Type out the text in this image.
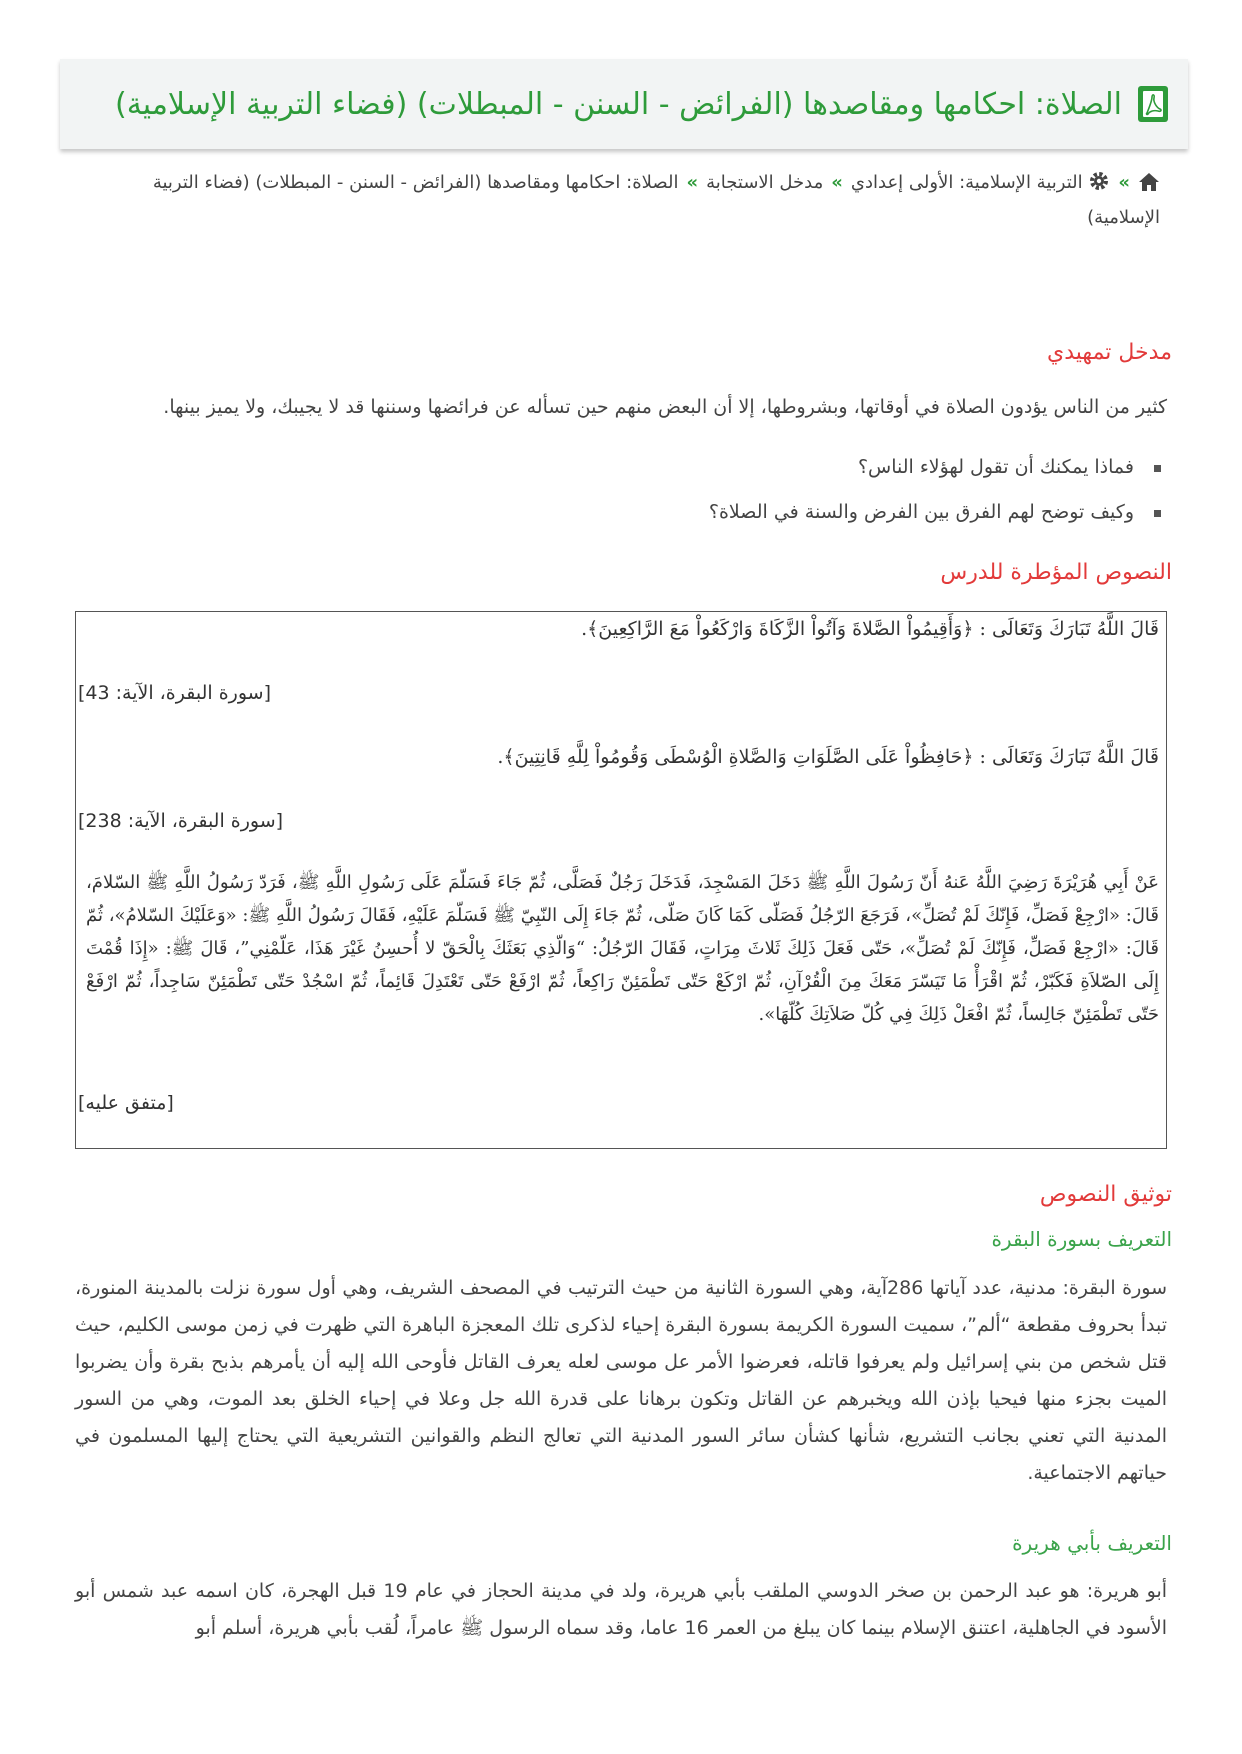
الصلاة: احكامها ومقاصدها (الفرائض - السنن - المبطلات) (فضاء التربية الإسلامية)
» التربية الإسلامية: الأولى إعدادي»مدخل الاستجابة»الصلاة: احكامها ومقاصدها (الفرائض - السنن - المبطلات) (فضاء التربية الإسلامية)
مدخل تمهيدي
كثير من الناس يؤدون الصلاة في أوقاتها، وبشروطها، إلا أن البعض منهم حين تسأله عن فرائضها وسننها قد لا يجيبك، ولا يميز بينها.
فماذا يمكنك أن تقول لهؤلاء الناس؟
وكيف توضح لهم الفرق بين الفرض والسنة في الصلاة؟
النصوص المؤطرة للدرس
قَالَ اللَّهُ تَبَارَكَ وَتَعَالَى : ﴿وَأَقِيمُواْ الصَّلاةَ وَآتُواْ الزَّكَاةَ وَارْكَعُواْ مَعَ الرَّاكِعِينَ﴾.
[سورة البقرة، الآية: 43]
قَالَ اللَّهُ تَبَارَكَ وَتَعَالَى : ﴿حَافِظُواْ عَلَى الصَّلَوَاتِ وَالصَّلاةِ الْوُسْطَى وَقُومُواْ لِلَّهِ قَانِتِينَ﴾.
[سورة البقرة، الآية: 238]
عَنْ أَبِي هُرَيْرَةَ رَضِيَ اللَّهُ عَنهُ أَنّ رَسُولَ اللَّهِ ﷺ دَخَلَ المَسْجِدَ، فَدَخَلَ رَجُلٌ فَصَلَّى، ثُمّ جَاءَ فَسَلّمَ عَلَى رَسُولِ اللَّهِ ﷺ، فَرَدّ رَسُولُ اللَّهِ ﷺ السّلامَ، قَالَ: «ارْجِعْ فَصَلِّ، فَإِنّكَ لَمْ تُصَلِّ»، فَرَجَعَ الرّجُلُ فَصَلّى كَمَا كَانَ صَلّى، ثُمّ جَاءَ إِلَى النّبِيّ ﷺ فَسَلّمَ عَلَيْهِ، فَقَالَ رَسُولُ اللَّهِ ﷺ: «وَعَلَيْكَ السّلامُ»، ثُمّ قَالَ: «ارْجِعْ فَصَلِّ، فَإِنّكَ لَمْ تُصَلِّ»، حَتّى فَعَلَ ذَلِكَ ثَلاثَ مِرَاتٍ، فَقَالَ الرّجُلُ: “وَالّذِي بَعَثَكَ بِالْحَقّ لا أُحسِنُ غَيْرَ هَذَا، عَلّمْنِي”، قَالَ ﷺ: «إِذَا قُمْتَ إِلَى الصّلاَةِ فَكَبّرْ، ثُمّ اقْرَأْ مَا تَيَسّرَ مَعَكَ مِنَ الْقُرْآنِ، ثُمّ ارْكَعْ حَتّى تَطْمَئِنّ رَاكِعاً، ثُمّ ارْفَعْ حَتّى تَعْتَدِلَ قَائِماً، ثُمّ اسْجُدْ حَتّى تَطْمَئِنّ سَاجِداً، ثُمّ ارْفَعْ حَتّى تَطْمَئِنّ جَالِساً، ثُمّ افْعَلْ ذَلِكَ فِي كُلّ صَلاَتِكَ كُلّهَا».
[متفق عليه]
توثيق النصوص
التعريف بسورة البقرة
سورة البقرة: مدنية، عدد آياتها 286آية، وهي السورة الثانية من حيث الترتيب في المصحف الشريف، وهي أول سورة نزلت بالمدينة المنورة، تبدأ بحروف مقطعة “ألم”، سميت السورة الكريمة بسورة البقرة إحياء لذكرى تلك المعجزة الباهرة التي ظهرت في زمن موسى الكليم، حيث قتل شخص من بني إسرائيل ولم يعرفوا قاتله، فعرضوا الأمر عل موسى لعله يعرف القاتل فأوحى الله إليه أن يأمرهم بذبح بقرة وأن يضربوا الميت بجزء منها فيحيا بإذن الله ويخبرهم عن القاتل وتكون برهانا على قدرة الله جل وعلا في إحياء الخلق بعد الموت، وهي من السور المدنية التي تعني بجانب التشريع، شأنها كشأن سائر السور المدنية التي تعالج النظم والقوانين التشريعية التي يحتاج إليها المسلمون في حياتهم الاجتماعية.
التعريف بأبي هريرة
أبو هريرة: هو عبد الرحمن بن صخر الدوسي الملقب بأبي هريرة، ولد في مدينة الحجاز في عام 19 قبل الهجرة، كان اسمه عبد شمس أبو الأسود في الجاهلية، اعتنق الإسلام بينما كان يبلغ من العمر 16 عاما، وقد سماه الرسول ﷺ عامراً، لُقب بأبي هريرة، أسلم أبو
